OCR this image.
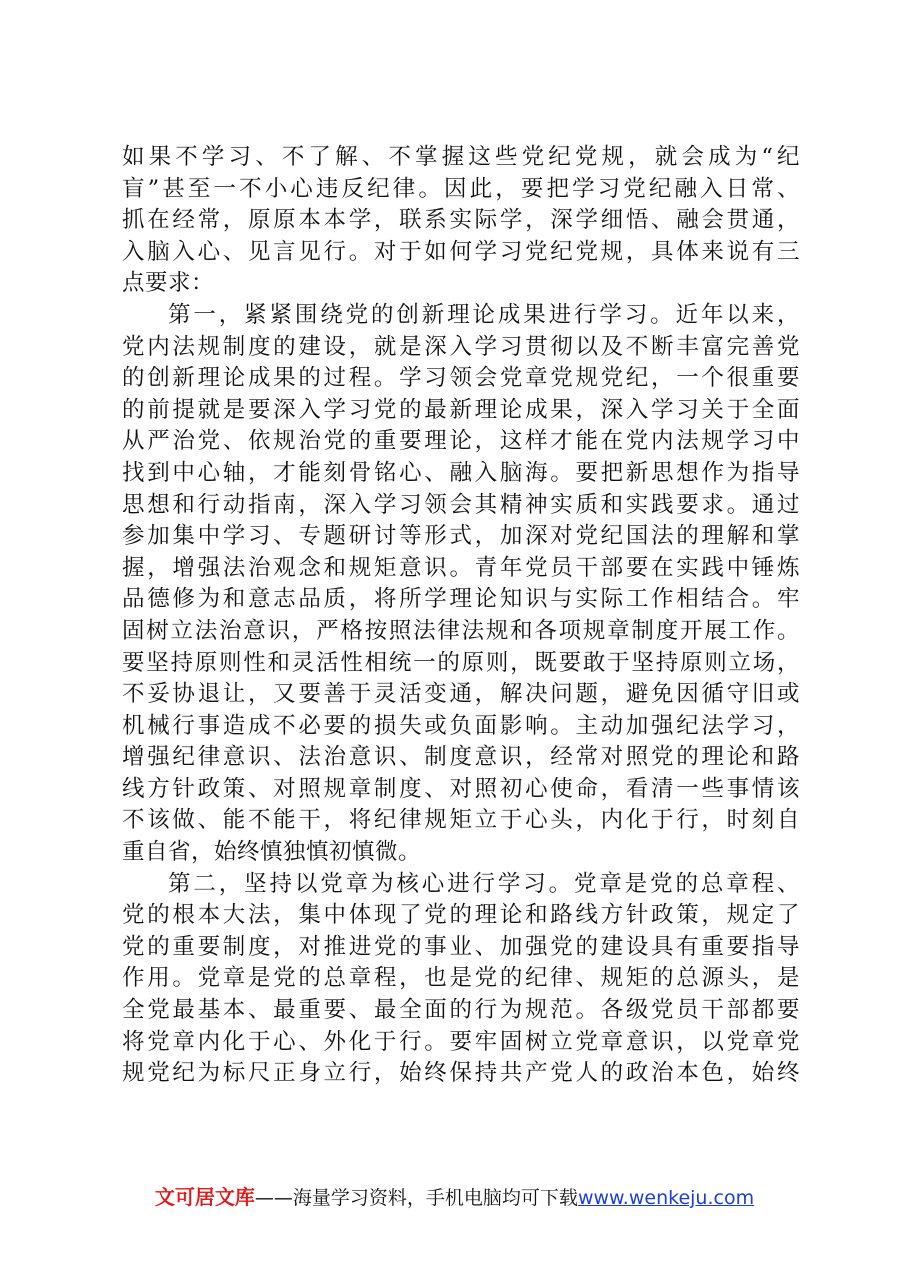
如果不学习、不了解、不掌握这些党纪党规，就会成为“纪
盲”甚至一不小心违反纪律。因此，要把学习党纪融入日常、
抓在经常，原原本本学，联系实际学，深学细悟、融会贯通，
入脑入心、见言见行。对于如何学习党纪党规，具体来说有三
点要求：
第一，紧紧围绕党的创新理论成果进行学习。近年以来，
党内法规制度的建设，就是深入学习贯彻以及不断丰富完善党
的创新理论成果的过程。学习领会党章党规党纪，一个很重要
的前提就是要深入学习党的最新理论成果，深入学习关于全面
从严治党、依规治党的重要理论，这样才能在党内法规学习中
找到中心轴，才能刻骨铭心、融入脑海。要把新思想作为指导
思想和行动指南，深入学习领会其精神实质和实践要求。通过
参加集中学习、专题研讨等形式，加深对党纪国法的理解和掌
握，增强法治观念和规矩意识。青年党员干部要在实践中锤炼
品德修为和意志品质，将所学理论知识与实际工作相结合。牢
固树立法治意识，严格按照法律法规和各项规章制度开展工作。
要坚持原则性和灵活性相统一的原则，既要敢于坚持原则立场，
不妥协退让，又要善于灵活变通，解决问题，避免因循守旧或
机械行事造成不必要的损失或负面影响。主动加强纪法学习，
增强纪律意识、法治意识、制度意识，经常对照党的理论和路
线方针政策、对照规章制度、对照初心使命，看清一些事情该
不该做、能不能干，将纪律规矩立于心头，内化于行，时刻自
重自省，始终慎独慎初慎微。
第二，坚持以党章为核心进行学习。党章是党的总章程、
党的根本大法，集中体现了党的理论和路线方针政策，规定了
党的重要制度，对推进党的事业、加强党的建设具有重要指导
作用。党章是党的总章程，也是党的纪律、规矩的总源头，是
全党最基本、最重要、最全面的行为规范。各级党员干部都要
将党章内化于心、外化于行。要牢固树立党章意识，以党章党
规党纪为标尺正身立行，始终保持共产党人的政治本色，始终
文可居文库——海量学习资料，手机电脑均可下载www.wenkeju.com
